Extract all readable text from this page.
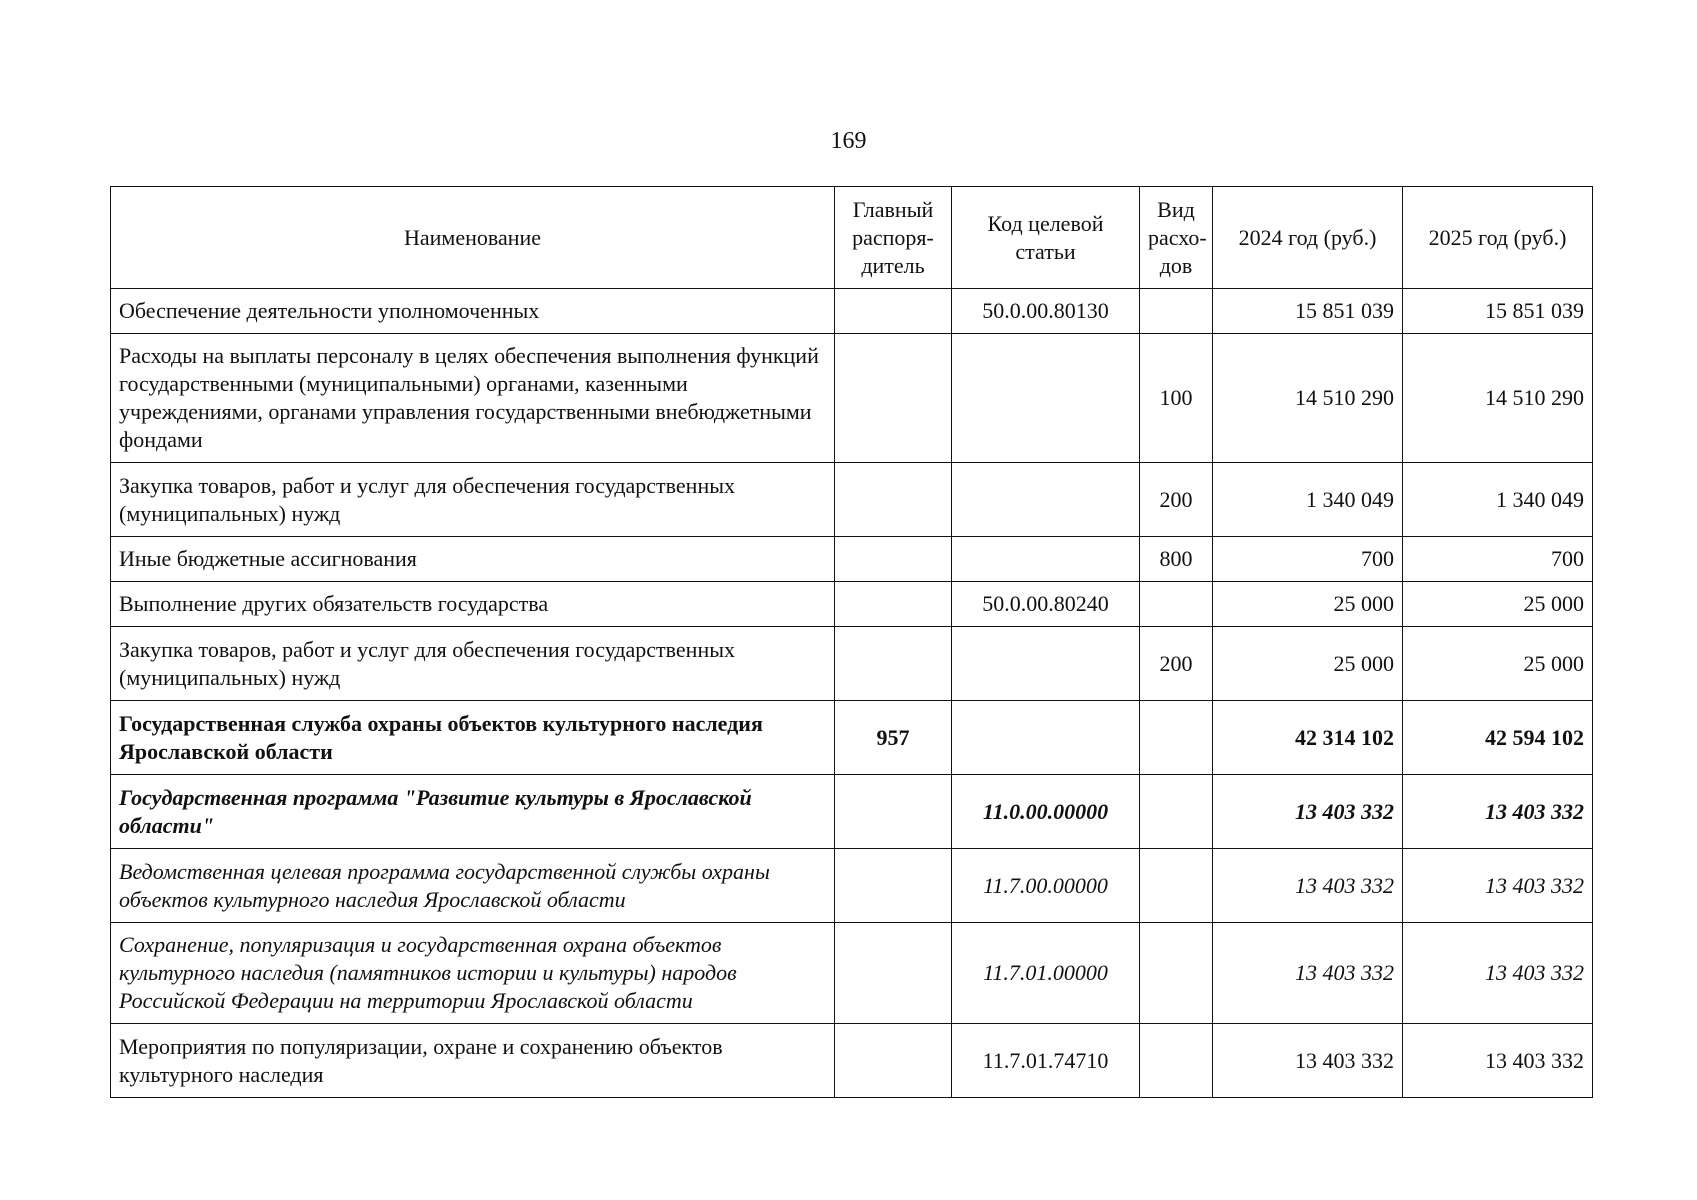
169
Наименование	Главный распоря-дитель	Код целевой статьи	Вид расхо-дов	2024 год (руб.)	2025 год (руб.)
Обеспечение деятельности уполномоченных		50.0.00.80130		15 851 039	15 851 039
Расходы на выплаты персоналу в целях обеспечения выполнения функций государственными (муниципальными) органами, казенными учреждениями, органами управления государственными внебюджетными фондами			100	14 510 290	14 510 290
Закупка товаров, работ и услуг для обеспечения государственных (муниципальных) нужд			200	1 340 049	1 340 049
Иные бюджетные ассигнования			800	700	700
Выполнение других обязательств государства		50.0.00.80240		25 000	25 000
Закупка товаров, работ и услуг для обеспечения государственных (муниципальных) нужд			200	25 000	25 000
Государственная служба охраны объектов культурного наследия Ярославской области	957			42 314 102	42 594 102
Государственная программа "Развитие культуры в Ярославской области"		11.0.00.00000		13 403 332	13 403 332
Ведомственная целевая программа государственной службы охраны объектов культурного наследия Ярославской области		11.7.00.00000		13 403 332	13 403 332
Сохранение, популяризация и государственная охрана объектов культурного наследия (памятников истории и культуры) народов Российской Федерации на территории Ярославской области		11.7.01.00000		13 403 332	13 403 332
Мероприятия по популяризации, охране и сохранению объектов культурного наследия		11.7.01.74710		13 403 332	13 403 332
